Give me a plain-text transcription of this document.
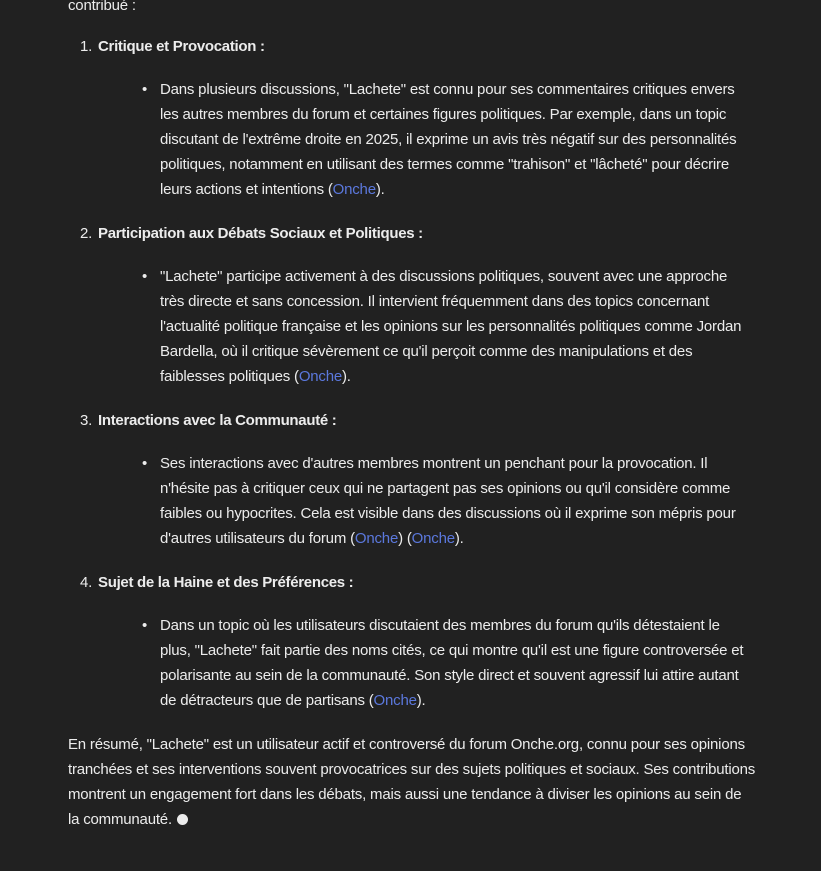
contribué :

1. Critique et Provocation :
• Dans plusieurs discussions, "Lachete" est connu pour ses commentaires critiques envers les autres membres du forum et certaines figures politiques. Par exemple, dans un topic discutant de l'extrême droite en 2025, il exprime un avis très négatif sur des personnalités politiques, notamment en utilisant des termes comme "trahison" et "lâcheté" pour décrire leurs actions et intentions (Onche).
2. Participation aux Débats Sociaux et Politiques :
• "Lachete" participe activement à des discussions politiques, souvent avec une approche très directe et sans concession. Il intervient fréquemment dans des topics concernant l'actualité politique française et les opinions sur les personnalités politiques comme Jordan Bardella, où il critique sévèrement ce qu'il perçoit comme des manipulations et des faiblesses politiques (Onche).
3. Interactions avec la Communauté :
• Ses interactions avec d'autres membres montrent un penchant pour la provocation. Il n'hésite pas à critiquer ceux qui ne partagent pas ses opinions ou qu'il considère comme faibles ou hypocrites. Cela est visible dans des discussions où il exprime son mépris pour d'autres utilisateurs du forum (Onche) (Onche).
4. Sujet de la Haine et des Préférences :
• Dans un topic où les utilisateurs discutaient des membres du forum qu'ils détestaient le plus, "Lachete" fait partie des noms cités, ce qui montre qu'il est une figure controversée et polarisante au sein de la communauté. Son style direct et souvent agressif lui attire autant de détracteurs que de partisans (Onche).

En résumé, "Lachete" est un utilisateur actif et controversé du forum Onche.org, connu pour ses opinions tranchées et ses interventions souvent provocatrices sur des sujets politiques et sociaux. Ses contributions montrent un engagement fort dans les débats, mais aussi une tendance à diviser les opinions au sein de la communauté.
